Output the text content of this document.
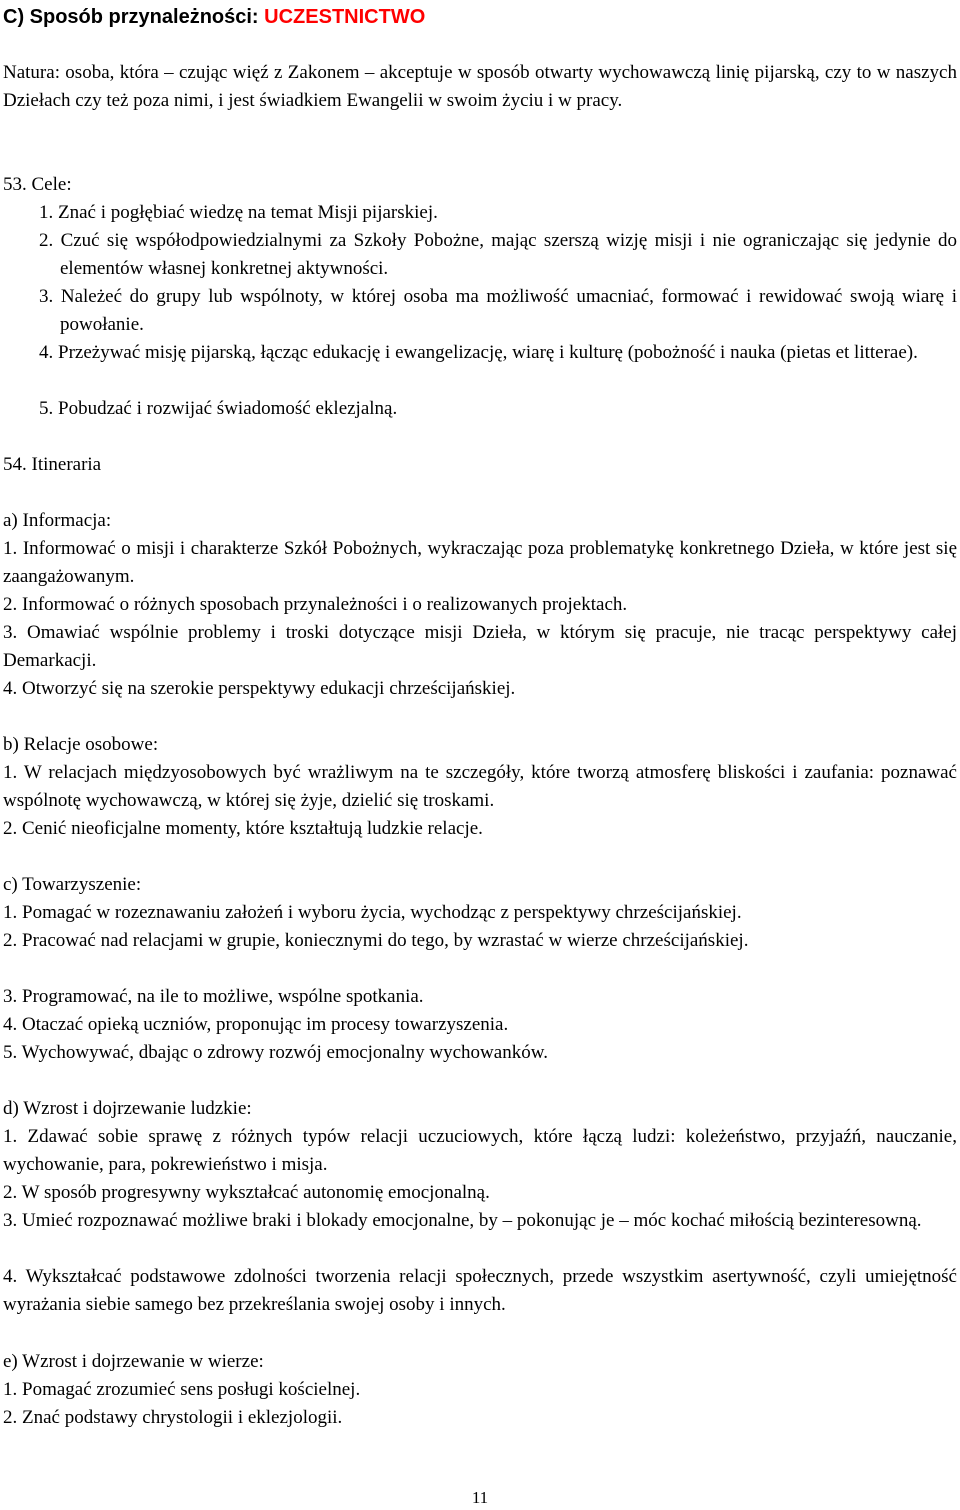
C) Sposób przynależności: UCZESTNICTWO
Natura: osoba, która – czując więź z Zakonem – akceptuje w sposób otwarty wychowawczą linię pijarską, czy to w naszych Dziełach czy też poza nimi, i jest świadkiem Ewangelii w swoim życiu i w pracy.
53. Cele:
1. Znać i pogłębiać wiedzę na temat Misji pijarskiej.
2. Czuć się współodpowiedzialnymi za Szkoły Pobożne, mając szerszą wizję misji i nie ograniczając się jedynie do elementów własnej konkretnej aktywności.
3. Należeć do grupy lub wspólnoty, w której osoba ma możliwość umacniać, formować i rewidować swoją wiarę i powołanie.
4. Przeżywać misję pijarską, łącząc edukację i ewangelizację, wiarę i kulturę (pobożność i nauka (pietas et litterae).
5. Pobudzać i rozwijać świadomość eklezjalną.
54. Itineraria
a) Informacja:
1. Informować o misji i charakterze Szkół Pobożnych, wykraczając poza problematykę konkretnego Dzieła, w które jest się zaangażowanym.
2. Informować o różnych sposobach przynależności i o realizowanych projektach.
3. Omawiać wspólnie problemy i troski dotyczące misji Dzieła, w którym się pracuje, nie tracąc perspektywy całej Demarkacji.
4. Otworzyć się na szerokie perspektywy edukacji chrześcijańskiej.
b) Relacje osobowe:
1. W relacjach międzyosobowych być wrażliwym na te szczegóły, które tworzą atmosferę bliskości i zaufania: poznawać wspólnotę wychowawczą, w której się żyje, dzielić się troskami.
2. Cenić nieoficjalne momenty, które kształtują ludzkie relacje.
c) Towarzyszenie:
1. Pomagać w rozeznawaniu założeń i wyboru życia, wychodząc z perspektywy chrześcijańskiej.
2. Pracować nad relacjami w grupie, koniecznymi do tego, by wzrastać w wierze chrześcijańskiej.
3. Programować, na ile to możliwe, wspólne spotkania.
4. Otaczać opieką uczniów, proponując im procesy towarzyszenia.
5. Wychowywać, dbając o zdrowy rozwój emocjonalny wychowanków.
d) Wzrost i dojrzewanie ludzkie:
1. Zdawać sobie sprawę z różnych typów relacji uczuciowych, które łączą ludzi: koleżeństwo, przyjaźń, nauczanie, wychowanie, para, pokrewieństwo i misja.
2. W sposób progresywny wykształcać autonomię emocjonalną.
3. Umieć rozpoznawać możliwe braki i blokady emocjonalne, by – pokonując je – móc kochać miłością bezinteresowną.
4. Wykształcać podstawowe zdolności tworzenia relacji społecznych, przede wszystkim asertywność, czyli umiejętność wyrażania siebie samego bez przekreślania swojej osoby i innych.
e) Wzrost i dojrzewanie w wierze:
1. Pomagać zrozumieć sens posługi kościelnej.
2. Znać podstawy chrystologii i eklezjologii.
11
